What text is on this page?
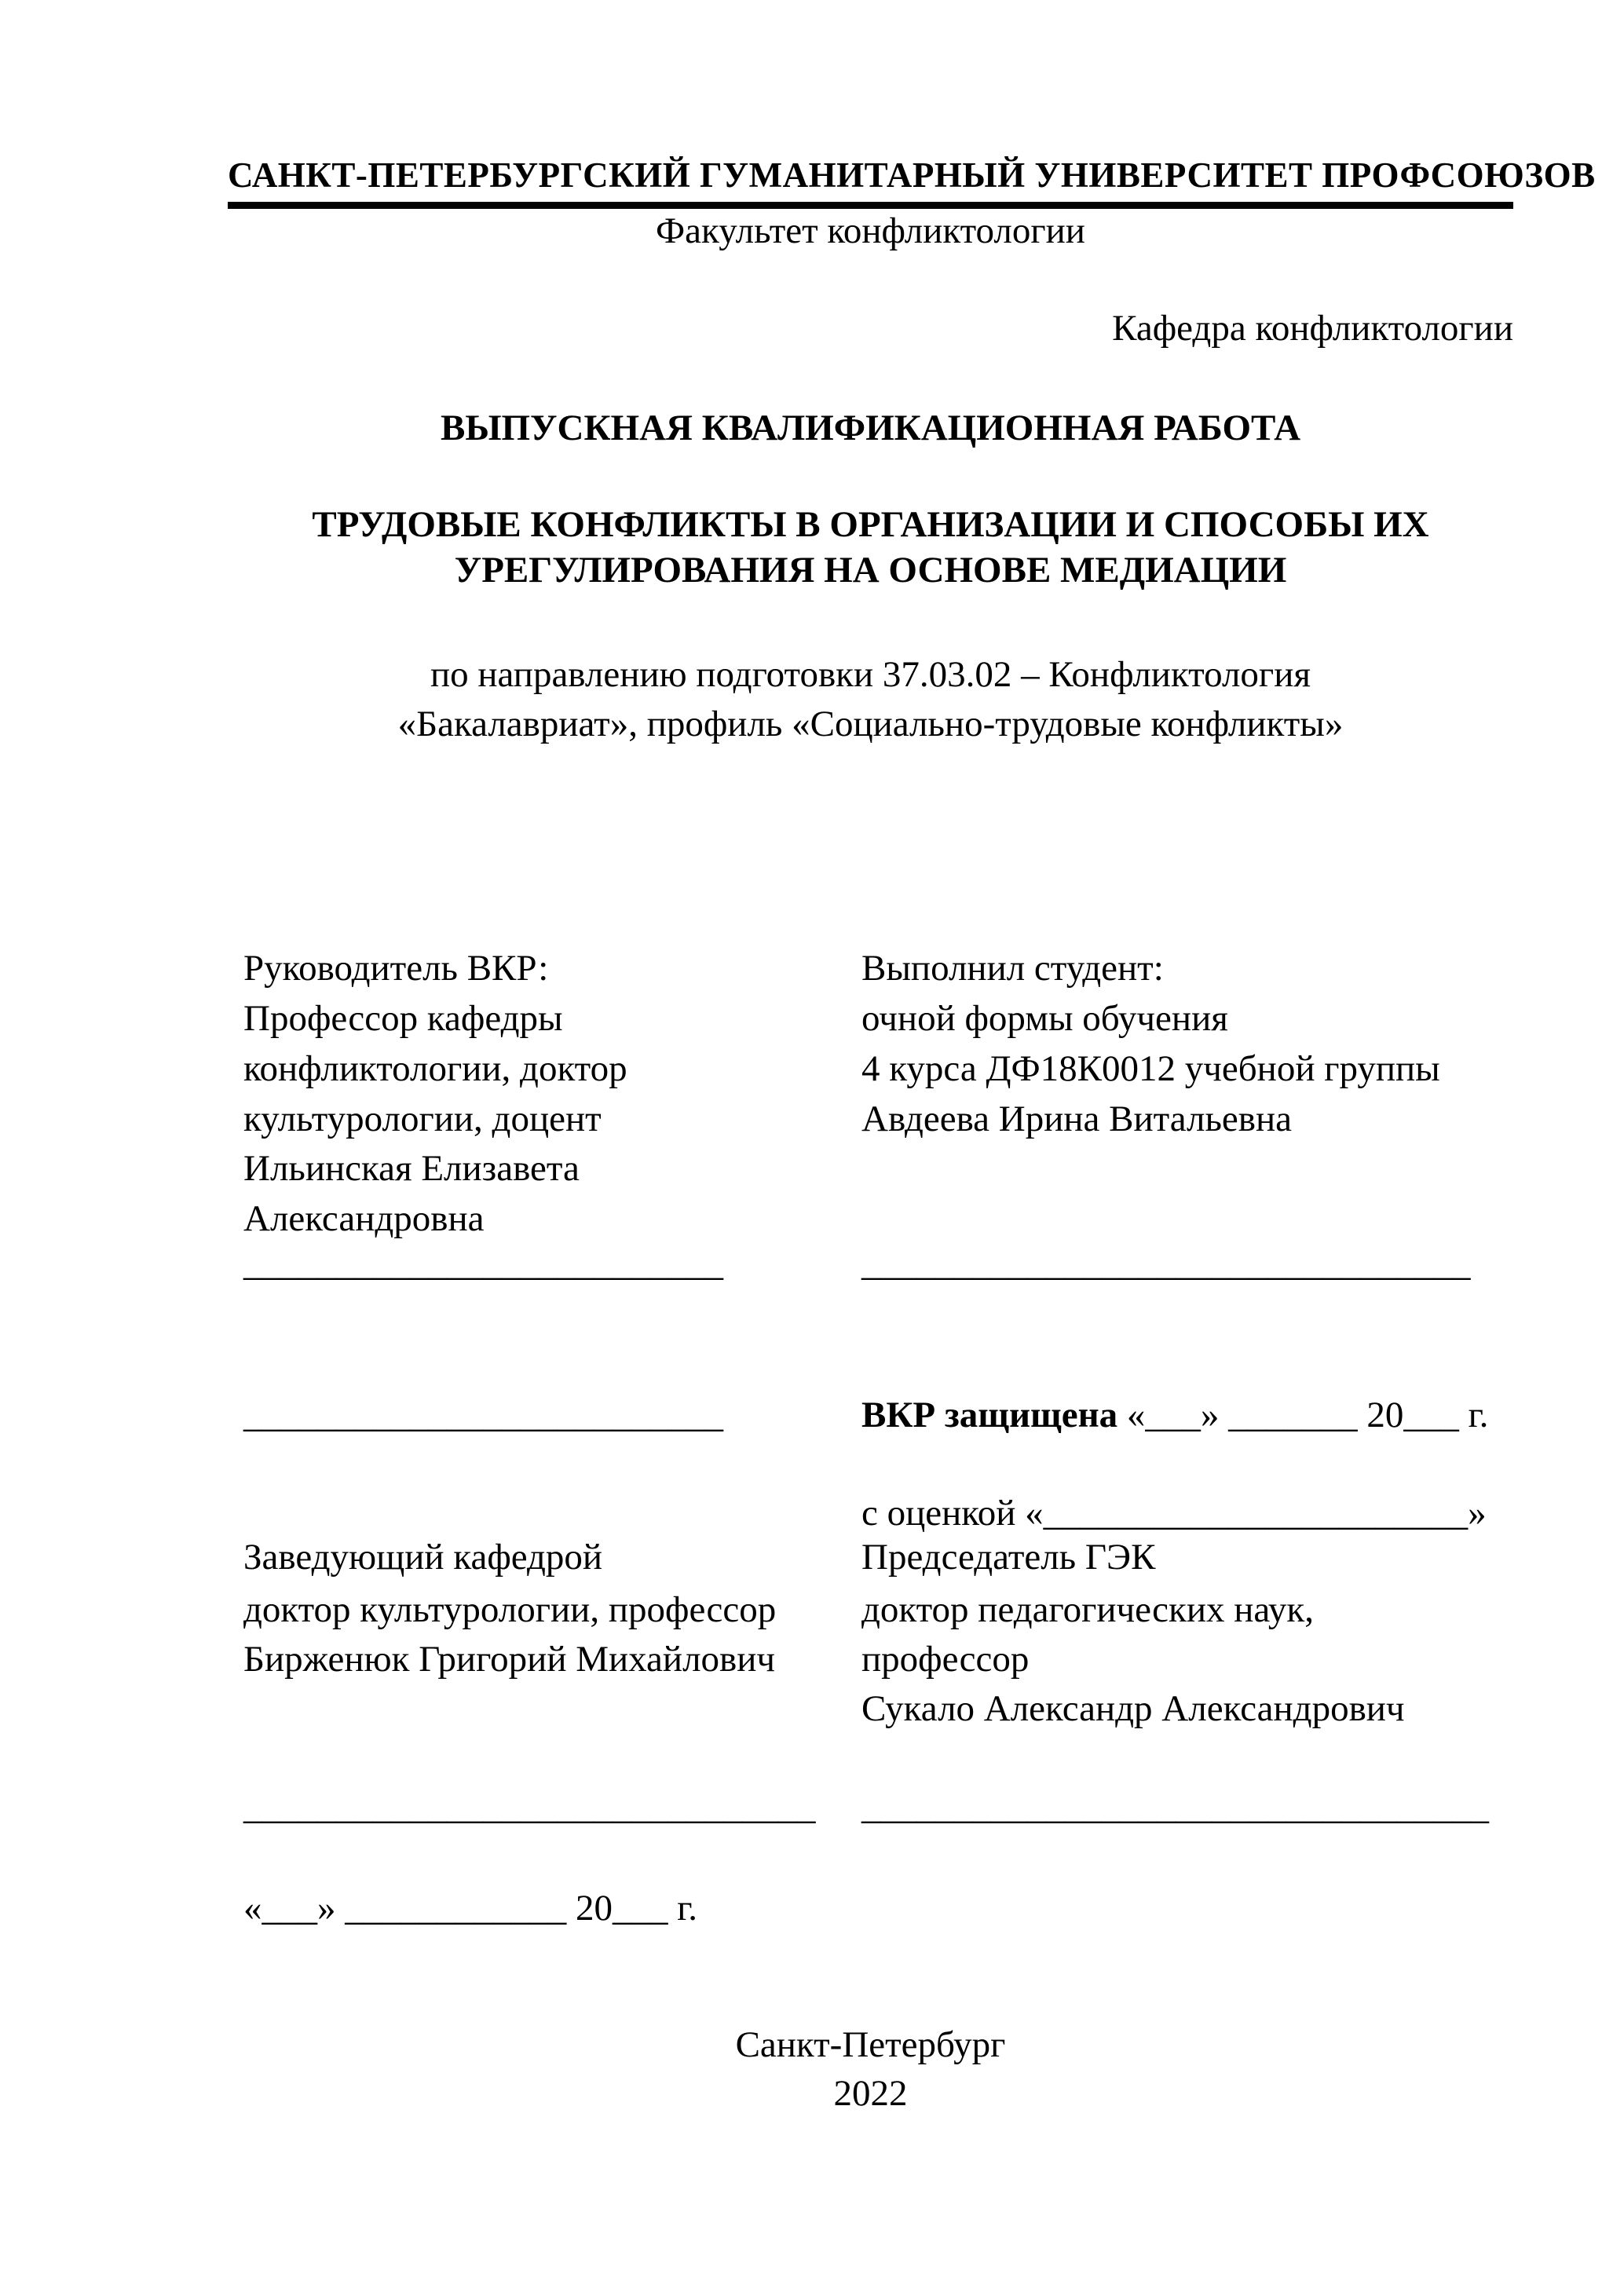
САНКТ-ПЕТЕРБУРГСКИЙ ГУМАНИТАРНЫЙ УНИВЕРСИТЕТ ПРОФСОЮЗОВ
Факультет конфликтологии
Кафедра конфликтологии
ВЫПУСКНАЯ КВАЛИФИКАЦИОННАЯ РАБОТА
ТРУДОВЫЕ КОНФЛИКТЫ В ОРГАНИЗАЦИИ И СПОСОБЫ ИХ
УРЕГУЛИРОВАНИЯ НА ОСНОВЕ МЕДИАЦИИ
по направлению подготовки 37.03.02 – Конфликтология
«Бакалавриат», профиль «Социально-трудовые конфликты»
Руководитель ВКР:
Профессор кафедры
конфликтологии, доктор
культурологии, доцент
Ильинская Елизавета
Александровна
__________________________
__________________________
Выполнил студент:
очной формы обучения
4 курса ДФ18К0012 учебной группы
Авдеева Ирина Витальевна
_________________________________
ВКР защищена «___» _______ 20___ г.
с оценкой «_______________________»
Заведующий кафедрой	Председатель ГЭК
доктор культурологии, профессор доктор педагогических наук,
Бирженюк Григорий Михайлович профессор
Сукало Александр Александрович
_______________________________ __________________________________
«___» ____________ 20___ г.
Санкт-Петербург
2022
